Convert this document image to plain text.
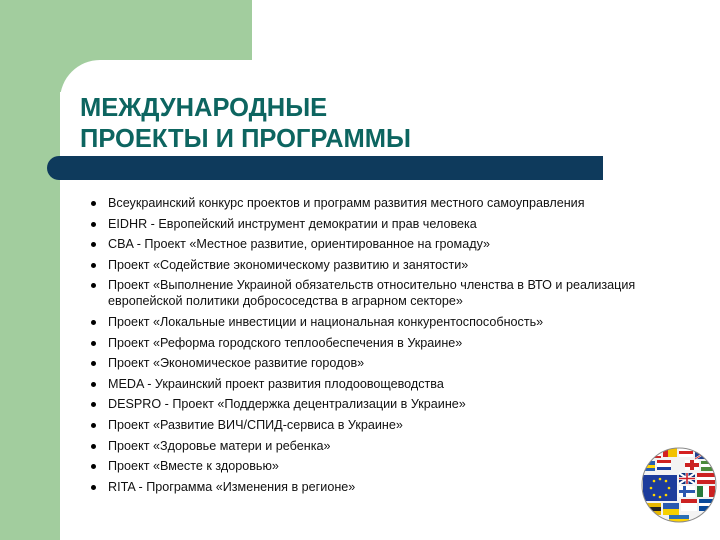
МЕЖДУНАРОДНЫЕ
ПРОЕКТЫ И ПРОГРАММЫ
Всеукраинский конкурс проектов и программ развития местного самоуправления
EIDHR - Европейский инструмент демократии и прав человека
CBA - Проект «Местное развитие, ориентированное на громаду»
Проект «Содействие экономическому развитию и занятости»
Проект «Выполнение Украиной обязательств относительно членства в ВТО и реализация европейской политики добрососедства в аграрном секторе»
Проект «Локальные инвестиции и национальная конкурентоспособность»
Проект «Реформа городского теплообеспечения в Украине»
Проект «Экономическое развитие городов»
MEDA - Украинский проект развития плодоовощеводства
DESPRO - Проект «Поддержка децентрализации в Украине»
Проект «Развитие ВИЧ/СПИД-сервиса в Украине»
Проект «Здоровье матери и ребенка»
Проект «Вместе к здоровью»
RITA - Программа «Изменения в регионе»
